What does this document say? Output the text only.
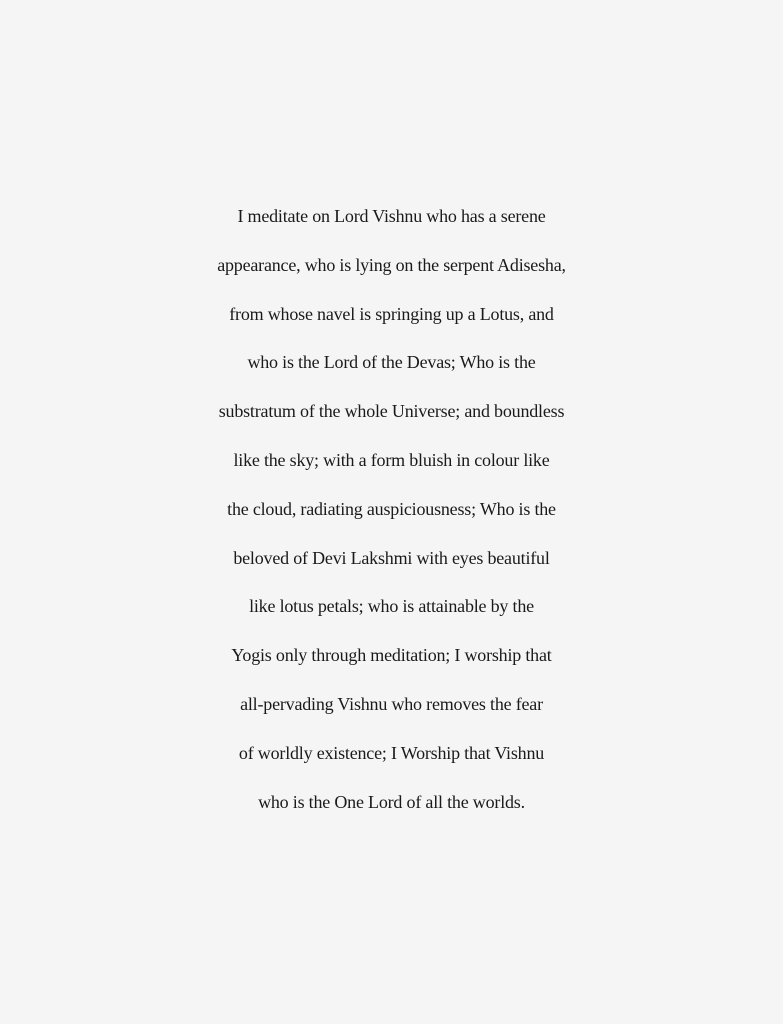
I meditate on Lord Vishnu who has a serene
appearance, who is lying on the serpent Adisesha,
from whose navel is springing up a Lotus, and
who is the Lord of the Devas; Who is the
substratum of the whole Universe; and boundless
like the sky; with a form bluish in colour like
the cloud, radiating auspiciousness; Who is the
beloved of Devi Lakshmi with eyes beautiful
like lotus petals; who is attainable by the
Yogis only through meditation; I worship that
all-pervading Vishnu who removes the fear
of worldly existence; I Worship that Vishnu
who is the One Lord of all the worlds.
